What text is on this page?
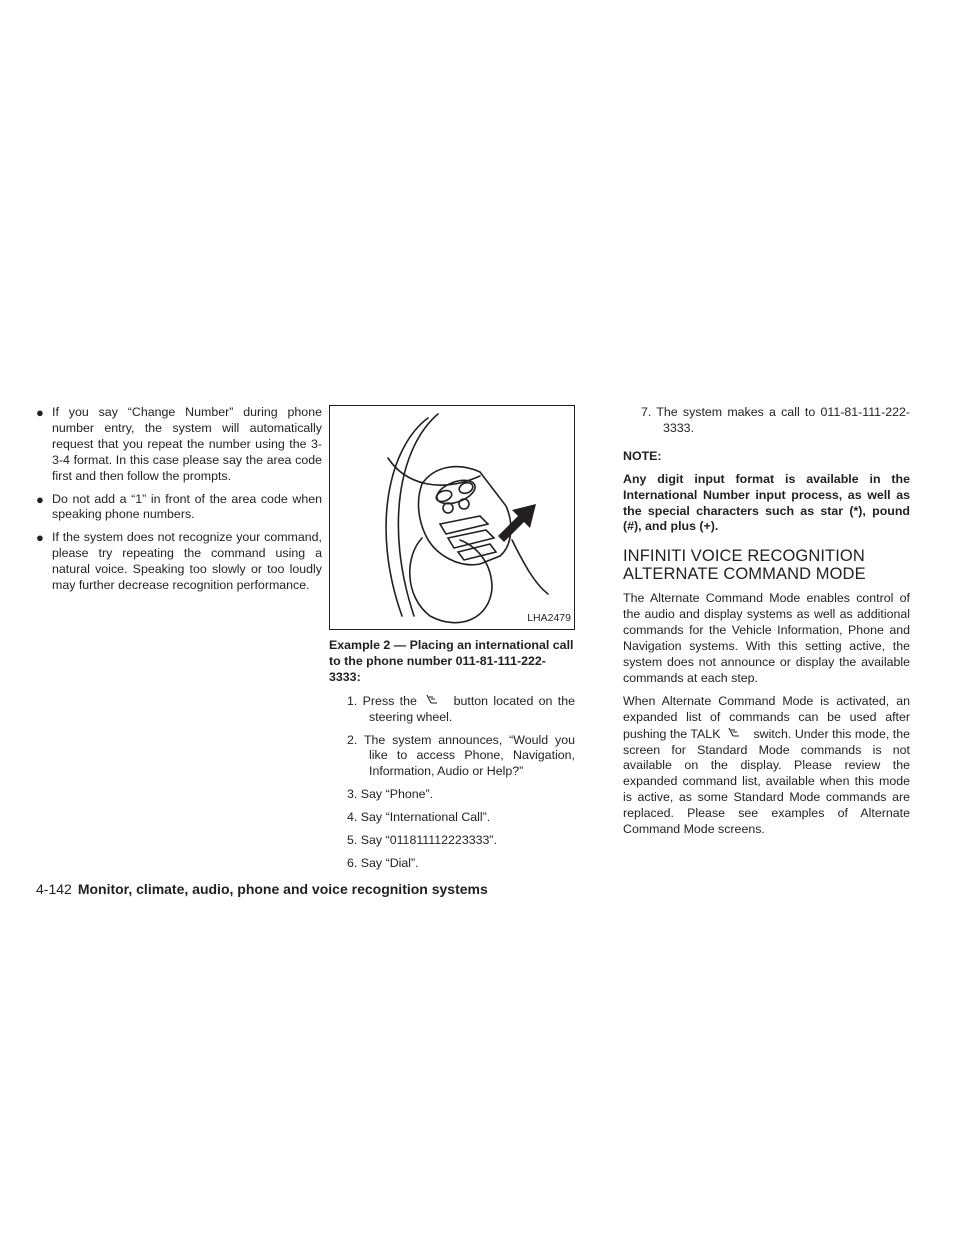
● If you say “Change Number” during phone number entry, the system will automatically request that you repeat the number using the 3-3-4 format. In this case please say the area code first and then follow the prompts.
● Do not add a “1” in front of the area code when speaking phone numbers.
● If the system does not recognize your command, please try repeating the command using a natural voice. Speaking too slowly or too loudly may further decrease recognition performance.
LHA2479

Example 2 — Placing an international call to the phone number 011-81-111-222-3333:

1. Press the	button located on the steering wheel.

2. The system announces, “Would you like to access Phone, Navigation, Information, Audio or Help?”

3. Say “Phone”.

4. Say “International Call”.

5. Say “011811112223333”.

6. Say “Dial”.

7. The system makes a call to 011-81-111-222-3333.

NOTE:

Any digit input format is available in the International Number input process, as well as the special characters such as star (*), pound (#), and plus (+).

INFINITI VOICE RECOGNITION
ALTERNATE COMMAND MODE

The Alternate Command Mode enables control of the audio and display systems as well as additional commands for the Vehicle Information, Phone and Navigation systems. With this setting active, the system does not announce or display the available commands at each step.

When Alternate Command Mode is activated, an expanded list of commands can be used after pushing the TALK	switch. Under this mode, the screen for Standard Mode commands is not available on the display. Please review the expanded command list, available when this mode is active, as some Standard Mode commands are replaced. Please see examples of Alternate Command Mode screens.

4-142 Monitor, climate, audio, phone and voice recognition systems
